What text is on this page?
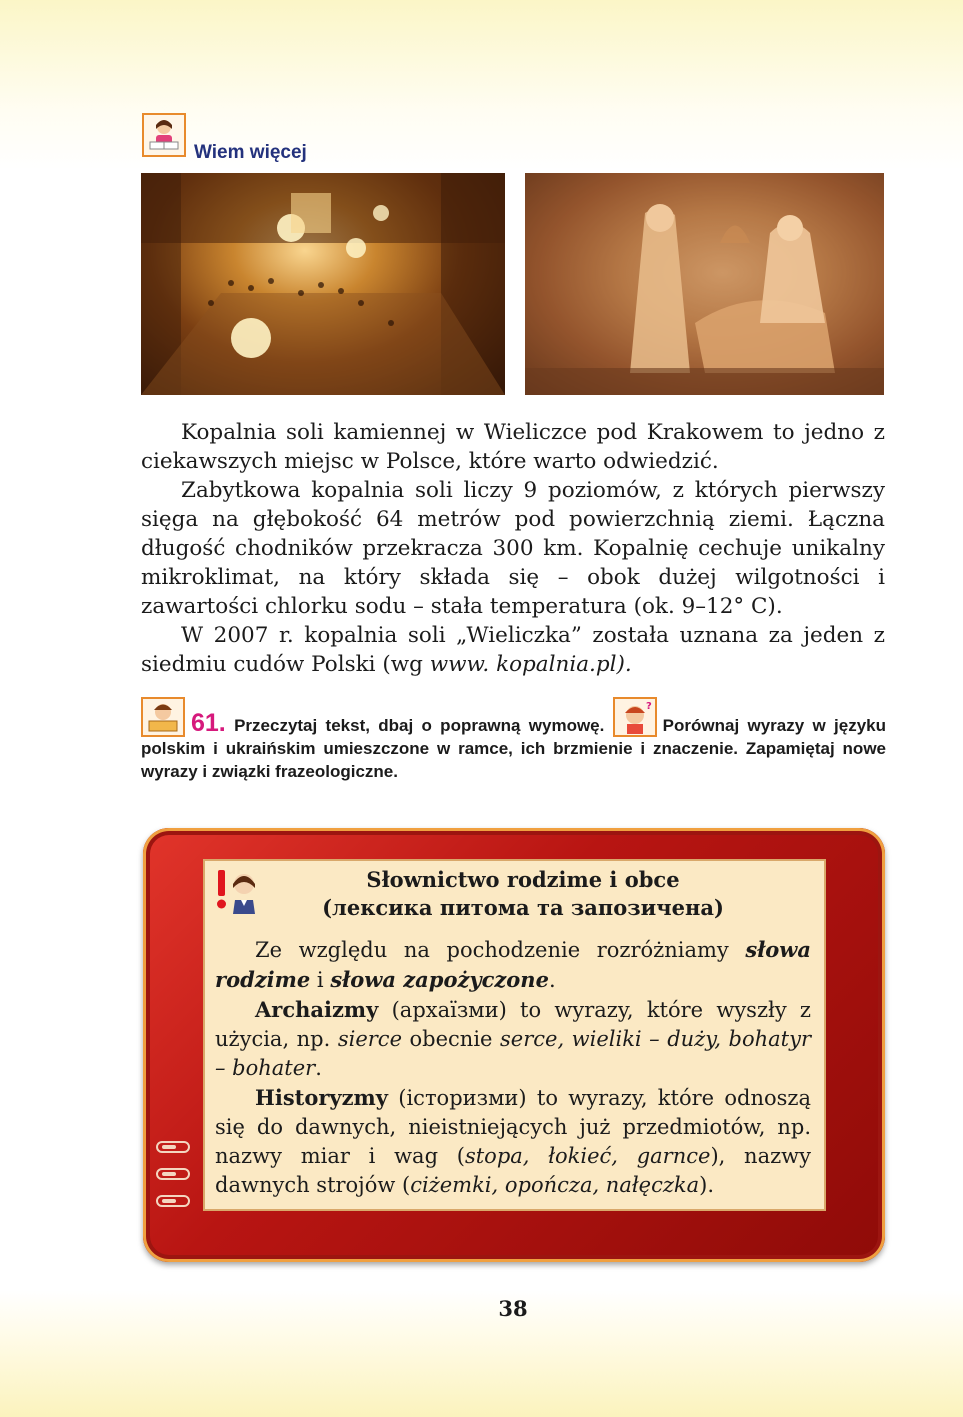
Wiem więcej

Kopalnia soli kamiennej w Wieliczce pod Krakowem to jedno z ciekawszych miejsc w Polsce, które warto odwiedzić.

Zabytkowa kopalnia soli liczy 9 poziomów, z których pierwszy sięga na głębokość 64 metrów pod powierzchnią ziemi. Łączna długość chodników przekracza 300 km. Kopalnię cechuje unikalny mikroklimat, na który składa się – obok dużej wilgotności i zawartości chlorku sodu – stała temperatura (ok. 9–12° C).

W 2007 r. kopalnia soli „Wieliczka” została uznana za jeden z siedmiu cudów Polski (wg www. kopalnia.pl).

61. Przeczytaj tekst, dbaj o poprawną wymowę.
?
Porównaj wyrazy w języku polskim i ukraińskim umieszczone w ramce, ich brzmienie i znaczenie. Zapamiętaj nowe wyrazy i związki frazeologiczne.
Słownictwo rodzime i obce
(лексика питома та запозичена)

Ze względu na pochodzenie rozróżniamy słowa rodzime i słowa zapożyczone.

Archaizmy (архаїзми) to wyrazy, które wyszły z użycia, np. sierce obecnie serce, wieliki – duży, bohatyr – bohater.

Historyzmy (історизми) to wyrazy, które odnoszą się do dawnych, nieistniejących już przedmiotów, np. nazwy miar i wag (stopa, łokieć, garnce), nazwy dawnych strojów (ciżemki, opończa, nałęczka).

38
